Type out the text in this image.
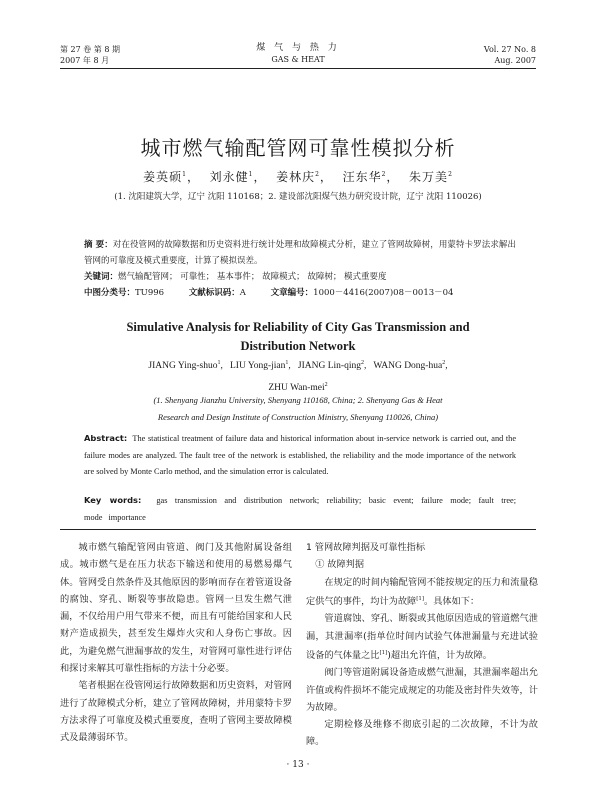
第 27 卷 第 8 期
2007 年 8 月
煤 气 与 热 力
GAS & HEAT
Vol. 27 No. 8
Aug. 2007
城市燃气输配管网可靠性模拟分析
姜英硕$^1$，  刘永健$^1$，  姜林庆$^2$，  汪东华$^2$，  朱万美$^2$
(1. 沈阳建筑大学，辽宁 沈阳 110168；2. 建设部沈阳煤气热力研究设计院，辽宁 沈阳 110026)
摘 要：对在役管网的故障数据和历史资料进行统计处理和故障模式分析，建立了管网故障树，用蒙特卡罗法求解出管网的可靠度及模式重要度，计算了模拟误差。
关键词：燃气输配管网； 可靠性； 基本事件； 故障模式； 故障树； 模式重要度
中图分类号：TU996	文献标识码：A	文章编号：1000－4416(2007)08－0013－04
Simulative Analysis for Reliability of City Gas Transmission and Distribution Network
JIANG Ying-shuo$^1$,   LIU Yong-jian$^1$,   JIANG Lin-qing$^2$,   WANG Dong-hua$^2$,
ZHU Wan-mei$^2$
(1. Shenyang Jianzhu University, Shenyang 110168, China; 2. Shenyang Gas & Heat
Research and Design Institute of Construction Ministry, Shenyang 110026, China)
Abstract: The statistical treatment of failure data and historical information about in-service network is carried out, and the failure modes are analyzed. The fault tree of the network is established, the reliability and the mode importance of the network are solved by Monte Carlo method, and the simulation error is calculated.
Key words: gas transmission and distribution network; reliability; basic event; failure mode; fault tree; mode importance

城市燃气输配管网由管道、阀门及其他附属设备组成。城市燃气是在压力状态下输送和使用的易燃易爆气体。管网受自然条件及其他原因的影响而存在着管道设备的腐蚀、穿孔、断裂等事故隐患。管网一旦发生燃气泄漏，不仅给用户用气带来不便，而且有可能给国家和人民财产造成损失，甚至发生爆炸火灾和人身伤亡事故。因此，为避免燃气泄漏事故的发生，对管网可靠性进行评估和探讨来解其可靠性指标的方法十分必要。

笔者根据在役管网运行故障数据和历史资料，对管网进行了故障模式分析，建立了管网故障树，并用蒙特卡罗方法求得了可靠度及模式重要度，查明了管网主要故障模式及最薄弱环节。

1 管网故障判据及可靠性指标

① 故障判据

在规定的时间内输配管网不能按规定的压力和流量稳定供气的事件，均计为故障[1]。具体如下：

管道腐蚀、穿孔、断裂或其他原因造成的管道燃气泄漏，其泄漏率(指单位时间内试验气体泄漏量与充进试验设备的气体量之比[1])超出允许值，计为故障。

阀门等管道附属设备造成燃气泄漏，其泄漏率超出允许值或构件损坏不能完成规定的功能及密封件失效等，计为故障。

定期检修及维修不彻底引起的二次故障，不计为故障。

· 13 ·
